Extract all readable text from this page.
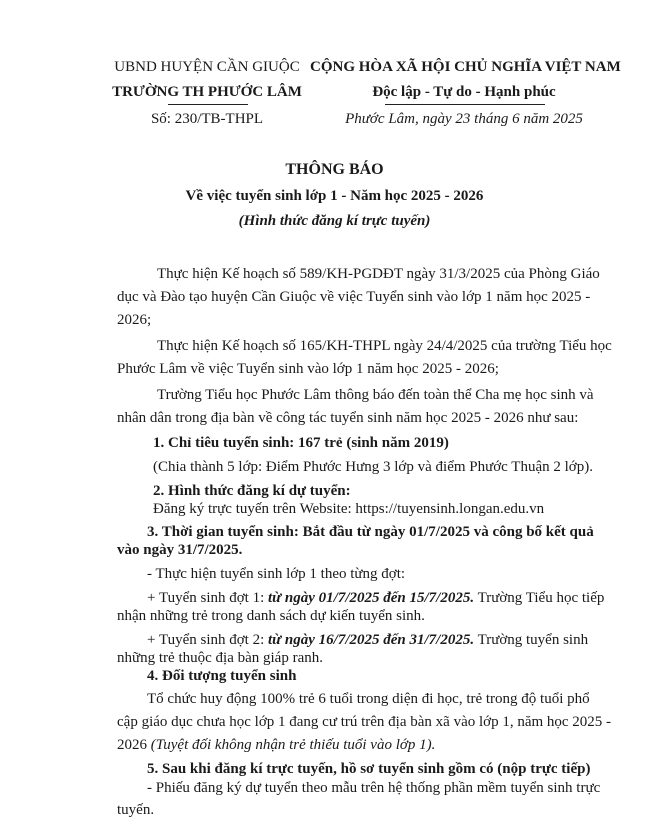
UBND HUYỆN CẦN GIUỘC
TRƯỜNG TH PHƯỚC LÂM
Số: 230/TB-THPL
CỘNG HÒA XÃ HỘI CHỦ NGHĨA VIỆT NAM
Độc lập - Tự do - Hạnh phúc
Phước Lâm, ngày 23 tháng 6 năm 2025
THÔNG BÁO
Về việc tuyển sinh lớp 1 - Năm học 2025 - 2026
(Hình thức đăng kí trực tuyến)
Thực hiện Kế hoạch số 589/KH-PGDĐT ngày 31/3/2025 của Phòng Giáo
dục và Đào tạo huyện Cần Giuộc về việc Tuyển sinh vào lớp 1 năm học 2025 -
2026;
Thực hiện Kế hoạch số 165/KH-THPL ngày 24/4/2025 của trường Tiểu học
Phước Lâm về việc Tuyển sinh vào lớp 1 năm học 2025 - 2026;
Trường Tiểu học Phước Lâm thông báo đến toàn thể Cha mẹ học sinh và
nhân dân trong địa bàn về công tác tuyển sinh năm học 2025 - 2026 như sau:
1. Chỉ tiêu tuyển sinh: 167 trẻ (sinh năm 2019)
(Chia thành 5 lớp: Điểm Phước Hưng 3 lớp và điểm Phước Thuận 2 lớp).
2. Hình thức đăng kí dự tuyển:
Đăng ký trực tuyến trên Website: https://tuyensinh.longan.edu.vn
3. Thời gian tuyển sinh: Bắt đầu từ ngày 01/7/2025 và công bố kết quả
vào ngày 31/7/2025.
- Thực hiện tuyển sinh lớp 1 theo từng đợt:
+ Tuyển sinh đợt 1: từ ngày 01/7/2025 đến 15/7/2025. Trường Tiểu học tiếp
nhận những trẻ trong danh sách dự kiến tuyển sinh.
+ Tuyển sinh đợt 2: từ ngày 16/7/2025 đến 31/7/2025. Trường tuyển sinh
những trẻ thuộc địa bàn giáp ranh.
4. Đối tượng tuyển sinh
Tổ chức huy động 100% trẻ 6 tuổi trong diện đi học, trẻ trong độ tuổi phổ
cập giáo dục chưa học lớp 1 đang cư trú trên địa bàn xã vào lớp 1, năm học 2025 -
2026 (Tuyệt đối không nhận trẻ thiếu tuổi vào lớp 1).
5. Sau khi đăng kí trực tuyến, hồ sơ tuyển sinh gồm có (nộp trực tiếp)
- Phiếu đăng ký dự tuyển theo mẫu trên hệ thống phần mềm tuyển sinh trực
tuyến.
